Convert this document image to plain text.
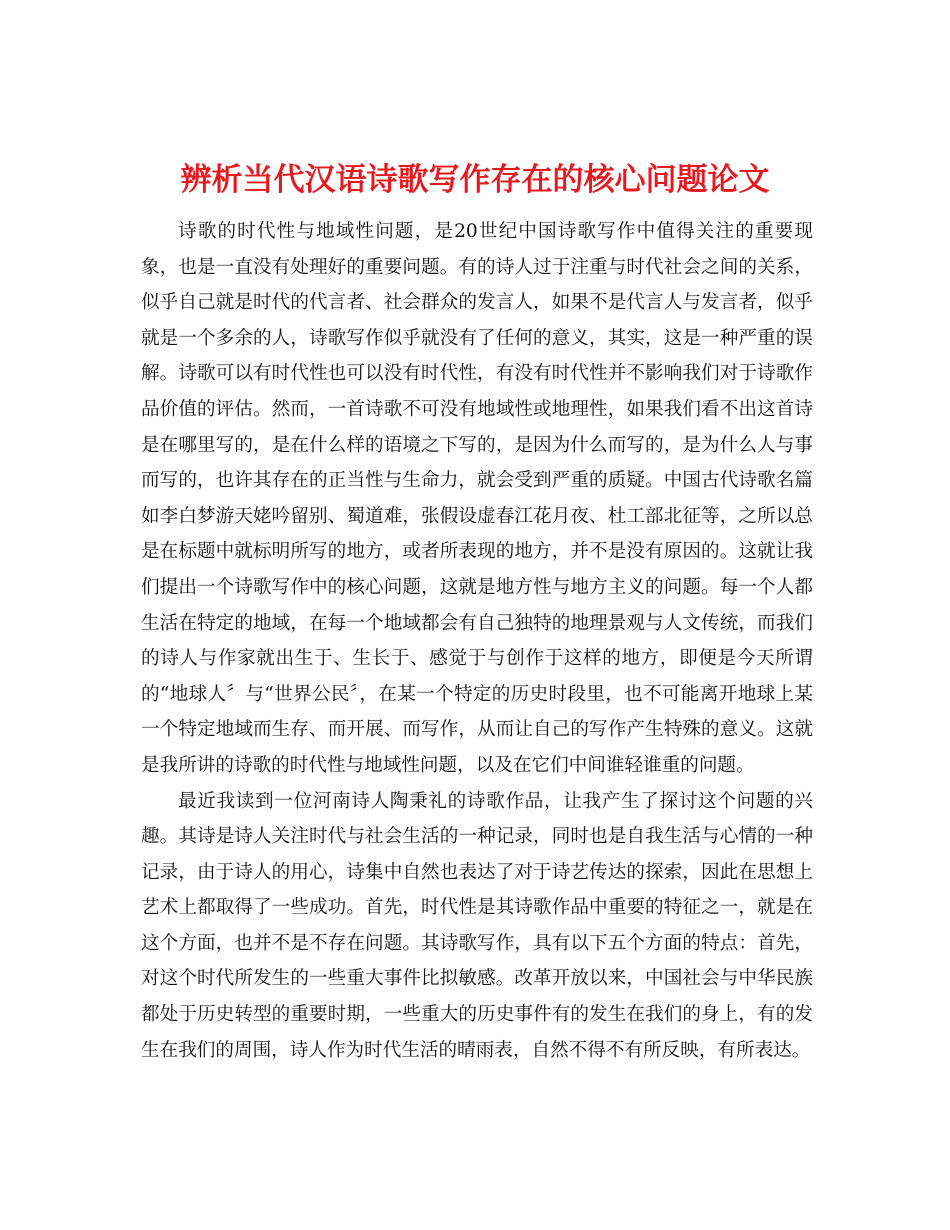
辨析当代汉语诗歌写作存在的核心问题论文

诗歌的时代性与地域性问题，是20世纪中国诗歌写作中值得关注的重要现象，也是一直没有处理好的重要问题。有的诗人过于注重与时代社会之间的关系，似乎自己就是时代的代言者、社会群众的发言人，如果不是代言人与发言者，似乎就是一个多余的人，诗歌写作似乎就没有了任何的意义，其实，这是一种严重的误解。诗歌可以有时代性也可以没有时代性，有没有时代性并不影响我们对于诗歌作品价值的评估。然而，一首诗歌不可没有地域性或地理性，如果我们看不出这首诗是在哪里写的，是在什么样的语境之下写的，是因为什么而写的，是为什么人与事而写的，也许其存在的正当性与生命力，就会受到严重的质疑。中国古代诗歌名篇如李白梦游天姥吟留别、蜀道难，张假设虚春江花月夜、杜工部北征等，之所以总是在标题中就标明所写的地方，或者所表现的地方，并不是没有原因的。这就让我们提出一个诗歌写作中的核心问题，这就是地方性与地方主义的问题。每一个人都生活在特定的地域，在每一个地域都会有自己独特的地理景观与人文传统，而我们的诗人与作家就出生于、生长于、感觉于与创作于这样的地方，即便是今天所谓的“地球人〞与“世界公民〞，在某一个特定的历史时段里，也不可能离开地球上某一个特定地域而生存、而开展、而写作，从而让自己的写作产生特殊的意义。这就是我所讲的诗歌的时代性与地域性问题，以及在它们中间谁轻谁重的问题。

最近我读到一位河南诗人陶秉礼的诗歌作品，让我产生了探讨这个问题的兴趣。其诗是诗人关注时代与社会生活的一种记录，同时也是自我生活与心情的一种记录，由于诗人的用心，诗集中自然也表达了对于诗艺传达的探索，因此在思想上艺术上都取得了一些成功。首先，时代性是其诗歌作品中重要的特征之一，就是在这个方面，也并不是不存在问题。其诗歌写作，具有以下五个方面的特点：首先，对这个时代所发生的一些重大事件比拟敏感。改革开放以来，中国社会与中华民族都处于历史转型的重要时期，一些重大的历史事件有的发生在我们的身上，有的发生在我们的周围，诗人作为时代生活的晴雨表，自然不得不有所反映，有所表达。
